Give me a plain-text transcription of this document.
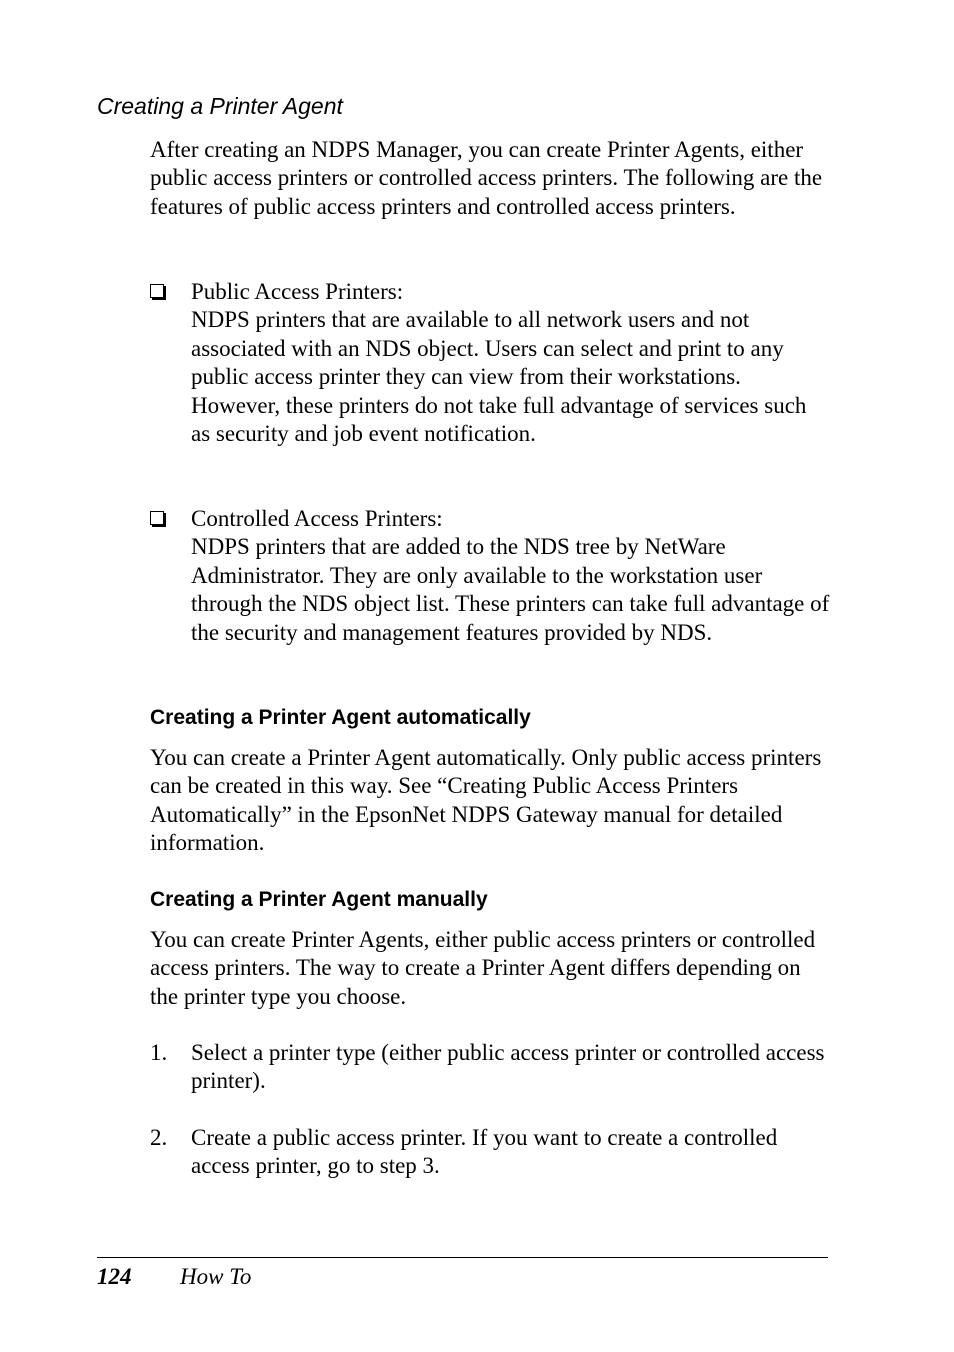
Creating a Printer Agent

After creating an NDPS Manager, you can create Printer Agents, either public access printers or controlled access printers. The following are the features of public access printers and controlled access printers.

Public Access Printers:
NDPS printers that are available to all network users and not associated with an NDS object. Users can select and print to any public access printer they can view from their workstations. However, these printers do not take full advantage of services such as security and job event notification.
Controlled Access Printers:
NDPS printers that are added to the NDS tree by NetWare Administrator. They are only available to the workstation user through the NDS object list. These printers can take full advantage of the security and management features provided by NDS.
Creating a Printer Agent automatically

You can create a Printer Agent automatically. Only public access printers can be created in this way. See “Creating Public Access Printers Automatically” in the EpsonNet NDPS Gateway manual for detailed information.

Creating a Printer Agent manually

You can create Printer Agents, either public access printers or controlled access printers. The way to create a Printer Agent differs depending on the printer type you choose.

1. Select a printer type (either public access printer or controlled access printer).
2. Create a public access printer. If you want to create a controlled access printer, go to step 3.
124 How To
